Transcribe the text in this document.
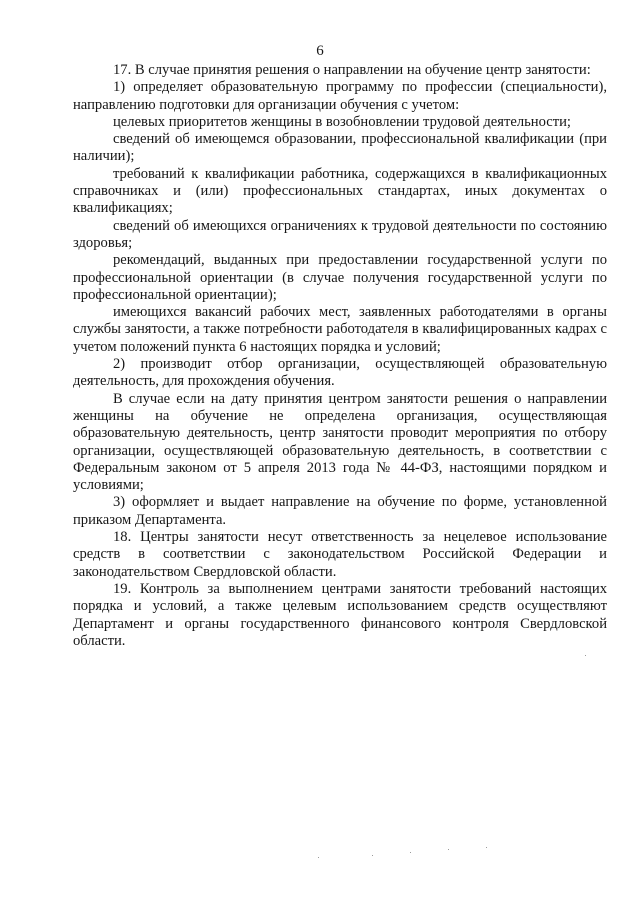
6

17. В случае принятия решения о направлении на обучение центр занятости:

1) определяет образовательную программу по профессии (специальности), направлению подготовки для организации обучения с учетом:

целевых приоритетов женщины в возобновлении трудовой деятельности;

сведений об имеющемся образовании, профессиональной квалификации (при наличии);

требований к квалификации работника, содержащихся в квалификационных справочниках и (или) профессиональных стандартах, иных документах о квалификациях;

сведений об имеющихся ограничениях к трудовой деятельности по состоянию здоровья;

рекомендаций, выданных при предоставлении государственной услуги по профессиональной ориентации (в случае получения государственной услуги по профессиональной ориентации);

имеющихся вакансий рабочих мест, заявленных работодателями в органы службы занятости, а также потребности работодателя в квалифицированных кадрах с учетом положений пункта 6 настоящих порядка и условий;

2) производит отбор организации, осуществляющей образовательную деятельность, для прохождения обучения.

В случае если на дату принятия центром занятости решения о направлении женщины на обучение не определена организация, осуществляющая образовательную деятельность, центр занятости проводит мероприятия по отбору организации, осуществляющей образовательную деятельность, в соответствии с Федеральным законом от 5 апреля 2013 года № 44-ФЗ, настоящими порядком и условиями;

3) оформляет и выдает направление на обучение по форме, установленной приказом Департамента.

18. Центры занятости несут ответственность за нецелевое использование средств в соответствии с законодательством Российской Федерации и законодательством Свердловской области.

19. Контроль за выполнением центрами занятости требований настоящих порядка и условий, а также целевым использованием средств осуществляют Департамент и органы государственного финансового контроля Свердловской области.
